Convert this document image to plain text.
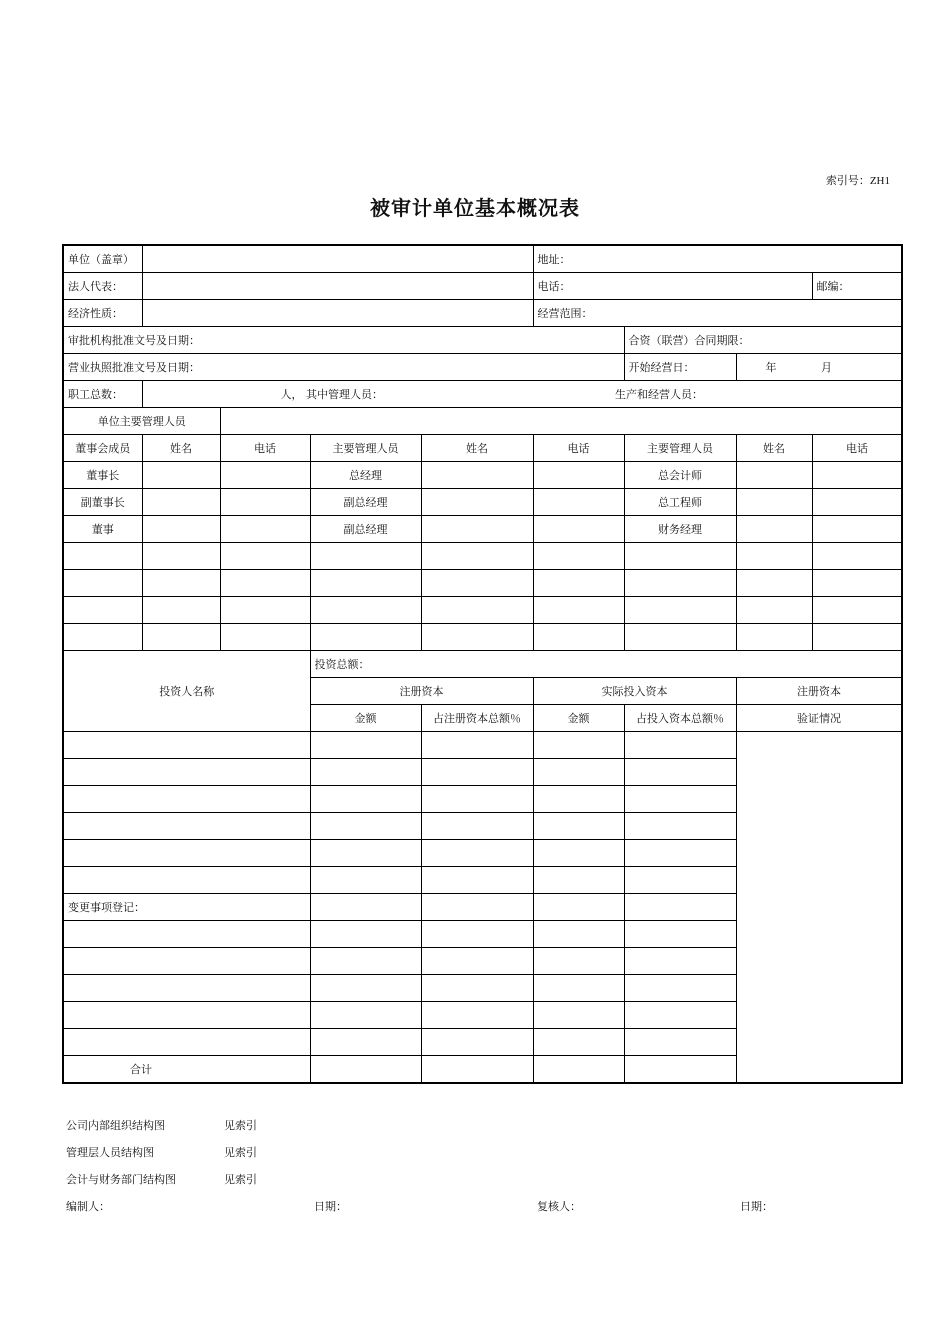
索引号：ZH1
被审计单位基本概况表
单位（盖章）					地址：				
法人代表：					电话：			邮编：	
经济性质：					经营范围：				
审批机构批准文号及日期：						合资（联营）合同期限：			
营业执照批准文号及日期：						开始经营日：	年 月	
职工总数：	人， 其中管理人员： 生产和经营人员：								
单位主要管理人员									
董事会成员	姓名	电话	主要管理人员	姓名	电话	主要管理人员	姓名	电话	
董事长			总经理			总会计师			
副董事长			副总经理			总工程师			
董事			副总经理			财务经理			

投资人名称			投资总额：						
			注册资本		实际投入资本		注册资本		
			金额	占注册资本总额％	金额	占投入资本总额％	验证情况		

变更事项登记：									

合计									
公司内部组织结构图	见索引
管理层人员结构图	见索引
会计与财务部门结构图	见索引
编制人：	日期：	复核人：	日期：
